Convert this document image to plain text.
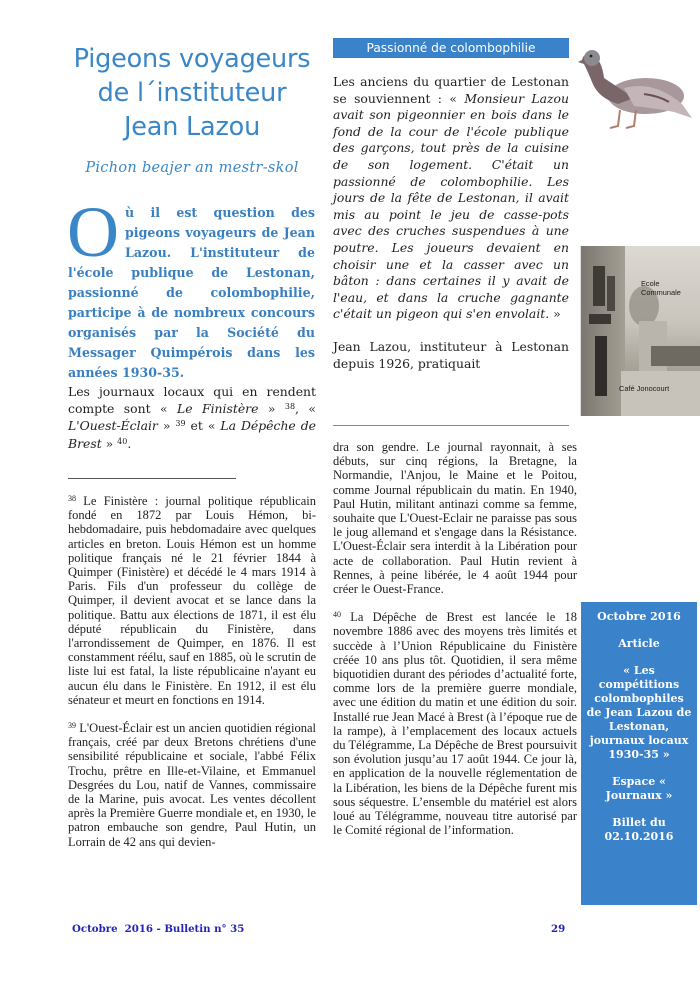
Pigeons voyageurs
de l´instituteur
Jean Lazou
Pichon beajer an mestr-skol
Où il est question des pigeons voyageurs de Jean Lazou. L'instituteur de l'école publique de Lestonan, passionné de colombophilie, participe à de nombreux concours organisés par la Société du Messager Quimpérois dans les années 1930-35.
Les journaux locaux qui en rendent compte sont « Le Finistère » $^{38}$, « L'Ouest-Éclair » $^{39}$ et « La Dépêche de Brest » $^{40}$.

$^{38}$ Le Finistère : journal politique républicain fondé en 1872 par Louis Hémon, bi-hebdomadaire, puis hebdomadaire avec quelques articles en breton. Louis Hémon est un homme politique français né le 21 février 1844 à Quimper (Finistère) et décédé le 4 mars 1914 à Paris. Fils d'un professeur du collège de Quimper, il devient avocat et se lance dans la politique. Battu aux élections de 1871, il est élu député républicain du Finistère, dans l'arrondissement de Quimper, en 1876. Il est constamment réélu, sauf en 1885, où le scrutin de liste lui est fatal, la liste républicaine n'ayant eu aucun élu dans le Finistère. En 1912, il est élu sénateur et meurt en fonctions en 1914.

$^{39}$ L'Ouest-Éclair est un ancien quotidien régional français, créé par deux Bretons chrétiens d'une sensibilité républicaine et sociale, l'abbé Félix Trochu, prêtre en Ille-et-Vilaine, et Emmanuel Desgrées du Lou, natif de Vannes, commissaire de la Marine, puis avocat. Les ventes décollent après la Première Guerre mondiale et, en 1930, le patron embauche son gendre, Paul Hutin, un Lorrain de 42 ans qui devien-

Passionné de colombophilie

Les anciens du quartier de Lestonan se souviennent : « Monsieur Lazou avait son pigeonnier en bois dans le fond de la cour de l'école publique des garçons, tout près de la cuisine de son logement. C'était un passionné de colombophilie. Les jours de la fête de Lestonan, il avait mis au point le jeu de casse-pots avec des cruches suspendues à une poutre. Les joueurs devaient en choisir une et la casser avec un bâton : dans certaines il y avait de l'eau, et dans la cruche gagnante c'était un pigeon qui s'en envolait. »

Jean Lazou, instituteur à Lestonan depuis 1926, pratiquait

dra son gendre. Le journal rayonnait, à ses débuts, sur cinq régions, la Bretagne, la Normandie, l'Anjou, le Maine et le Poitou, comme Journal républicain du matin. En 1940, Paul Hutin, militant antinazi comme sa femme, souhaite que L'Ouest-Eclair ne paraisse pas sous le joug allemand et s'engage dans la Résistance. L'Ouest-Éclair sera interdit à la Libération pour acte de collaboration. Paul Hutin revient à Rennes, à peine libérée, le 4 août 1944 pour créer le Ouest-France.

$^{40}$ La Dépêche de Brest est lancée le 18 novembre 1886 avec des moyens très limités et succède à l’Union Républicaine du Finistère créée 10 ans plus tôt. Quotidien, il sera même biquotidien durant des périodes d’actualité forte, comme lors de la première guerre mondiale, avec une édition du matin et une édition du soir. Installé rue Jean Macé à Brest (à l’époque rue de la rampe), à l’emplacement des locaux actuels du Télégramme, La Dépêche de Brest poursuivit son évolution jusqu’au 17 août 1944. Ce jour là, en application de la nouvelle réglementation de la Libération, les biens de la Dépêche furent mis sous séquestre. L’ensemble du matériel est alors loué au Télégramme, nouveau titre autorisé par le Comité régional de l’information.

Ecole Communale
Café Jonocourt
Octobre 2016
Article
« Les compétitions colombophiles de Jean Lazou de Lestonan, journaux locaux 1930-35 »
Espace « Journaux »
Billet du 02.10.2016
Octobre  2016 - Bulletin n° 35	29
